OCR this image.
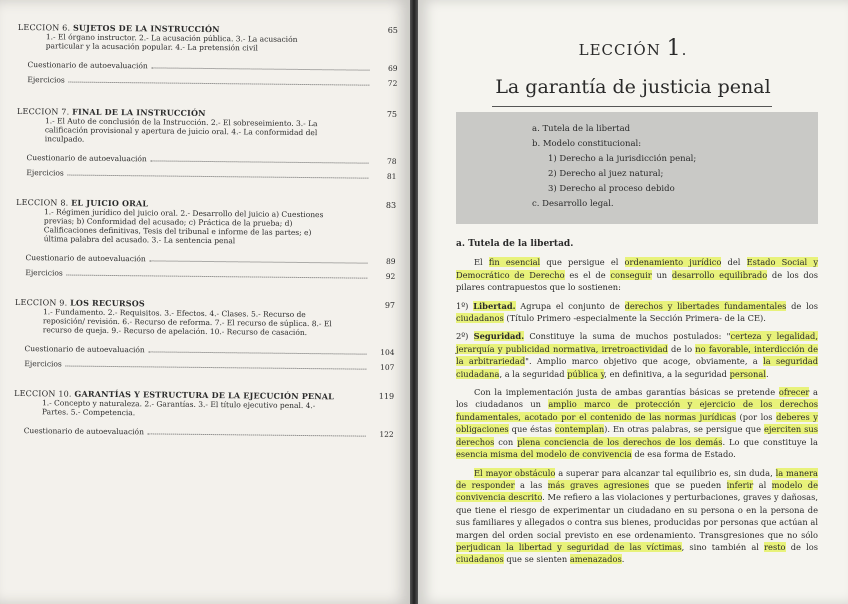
LECCION 6. SUJETOS DE LA INSTRUCCIÓN	65
1.- El órgano instructor. 2.- La acusación pública. 3.- La acusación particular y la acusación popular. 4.- La pretensión civil
Cuestionario de autoevaluación	69
Ejercicios	72
LECCION 7. FINAL DE LA INSTRUCCIÓN	75
1.- El Auto de conclusión de la Instrucción. 2.- El sobreseimiento. 3.- La calificación provisional y apertura de juicio oral. 4.- La conformidad del inculpado.
Cuestionario de autoevaluación	78
Ejercicios	81
LECCION 8. EL JUICIO ORAL	83
1.- Régimen jurídico del juicio oral. 2.- Desarrollo del juicio a) Cuestiones previas; b) Conformidad del acusado; c) Práctica de la prueba; d) Calificaciones definitivas, Tesis del tribunal e informe de las partes; e) última palabra del acusado. 3.- La sentencia penal
Cuestionario de autoevaluación	89
Ejercicios	92
LECCION 9. LOS RECURSOS	97
1.- Fundamento. 2.- Requisitos. 3.- Efectos. 4.- Clases. 5.- Recurso de reposición/ revisión. 6.- Recurso de reforma. 7.- El recurso de súplica. 8.- El recurso de queja. 9.- Recurso de apelación. 10.- Recurso de casación.
Cuestionario de autoevaluación	104
Ejercicios	107
LECCION 10. GARANTÍAS Y ESTRUCTURA DE LA EJECUCIÓN PENAL	119
1.- Concepto y naturaleza. 2.- Garantías. 3.- El título ejecutivo penal. 4.- Partes. 5.- Competencia.
Cuestionario de autoevaluación	122
LECCIÓN 1.
La garantía de justicia penal
a. Tutela de la libertad
b. Modelo constitucional:
1) Derecho a la jurisdicción penal;
2) Derecho al juez natural;
3) Derecho al proceso debido
c. Desarrollo legal.
a. Tutela de la libertad.

El fin esencial que persigue el ordenamiento jurídico del Estado Social y Democrático de Derecho es el de conseguir un desarrollo equilibrado de los dos pilares contrapuestos que lo sostienen:

1º) Libertad. Agrupa el conjunto de derechos y libertades fundamentales de los ciudadanos (Título Primero -especialmente la Sección Primera- de la CE).

2º) Seguridad. Constituye la suma de muchos postulados: "certeza y legalidad, jerarquía y publicidad normativa, irretroactividad de lo no favorable, interdicción de la arbitrariedad". Amplio marco objetivo que acoge, obviamente, a la seguridad ciudadana, a la seguridad pública y, en definitiva, a la seguridad personal.

Con la implementación justa de ambas garantías básicas se pretende ofrecer a los ciudadanos un amplio marco de protección y ejercicio de los derechos fundamentales, acotado por el contenido de las normas jurídicas (por los deberes y obligaciones que éstas contemplan). En otras palabras, se persigue que ejerciten sus derechos con plena conciencia de los derechos de los demás. Lo que constituye la esencia misma del modelo de convivencia de esa forma de Estado.

El mayor obstáculo a superar para alcanzar tal equilibrio es, sin duda, la manera de responder a las más graves agresiones que se pueden inferir al modelo de convivencia descrito. Me refiero a las violaciones y perturbaciones, graves y dañosas, que tiene el riesgo de experimentar un ciudadano en su persona o en la persona de sus familiares y allegados o contra sus bienes, producidas por personas que actúan al margen del orden social previsto en ese ordenamiento. Transgresiones que no sólo perjudican la libertad y seguridad de las víctimas, sino también al resto de los ciudadanos que se sienten amenazados.
